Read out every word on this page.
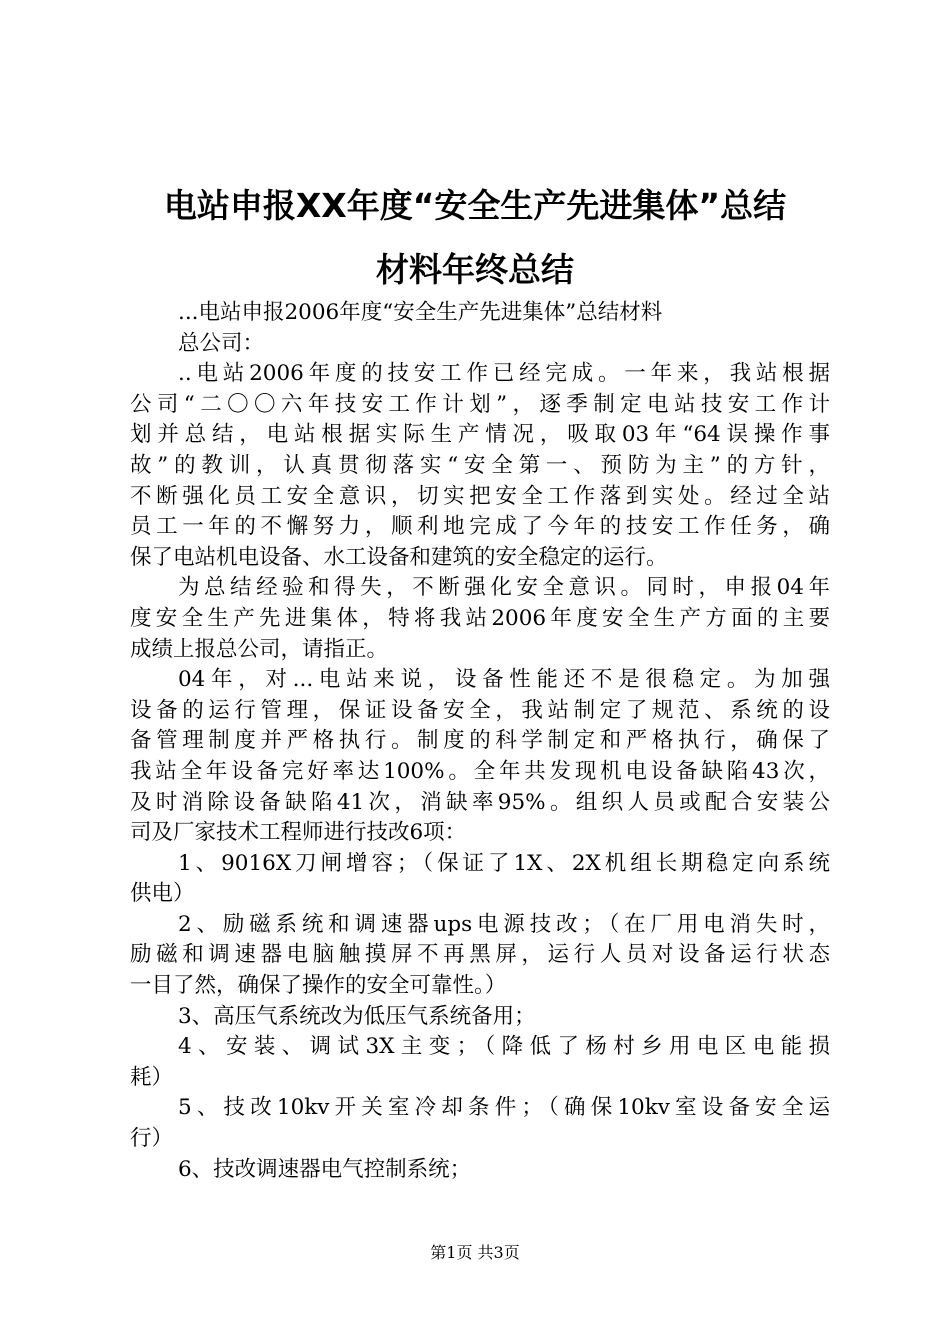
电站申报XX年度“安全生产先进集体”总结
材料年终总结
...电站申报2006年度“安全生产先进集体”总结材料
总公司：
..电站2006年度的技安工作已经完成。一年来，我站根据
公司“二〇〇六年技安工作计划”，逐季制定电站技安工作计
划并总结，电站根据实际生产情况，吸取03年“64误操作事
故”的教训，认真贯彻落实“安全第一、预防为主”的方针，
不断强化员工安全意识，切实把安全工作落到实处。经过全站
员工一年的不懈努力，顺利地完成了今年的技安工作任务，确
保了电站机电设备、水工设备和建筑的安全稳定的运行。
为总结经验和得失，不断强化安全意识。同时，申报04年
度安全生产先进集体，特将我站2006年度安全生产方面的主要
成绩上报总公司，请指正。
04年，对...电站来说，设备性能还不是很稳定。为加强
设备的运行管理，保证设备安全，我站制定了规范、系统的设
备管理制度并严格执行。制度的科学制定和严格执行，确保了
我站全年设备完好率达100%。全年共发现机电设备缺陷43次，
及时消除设备缺陷41次，消缺率95%。组织人员或配合安装公
司及厂家技术工程师进行技改6项：
1、9016X刀闸增容；（保证了1X、2X机组长期稳定向系统
供电）
2、励磁系统和调速器ups电源技改；（在厂用电消失时，
励磁和调速器电脑触摸屏不再黑屏，运行人员对设备运行状态
一目了然，确保了操作的安全可靠性。）
3、高压气系统改为低压气系统备用；
4、安装、调试3X主变；（降低了杨村乡用电区电能损
耗）
5、技改10kv开关室冷却条件；（确保10kv室设备安全运
行）
6、技改调速器电气控制系统；
第1页 共3页
